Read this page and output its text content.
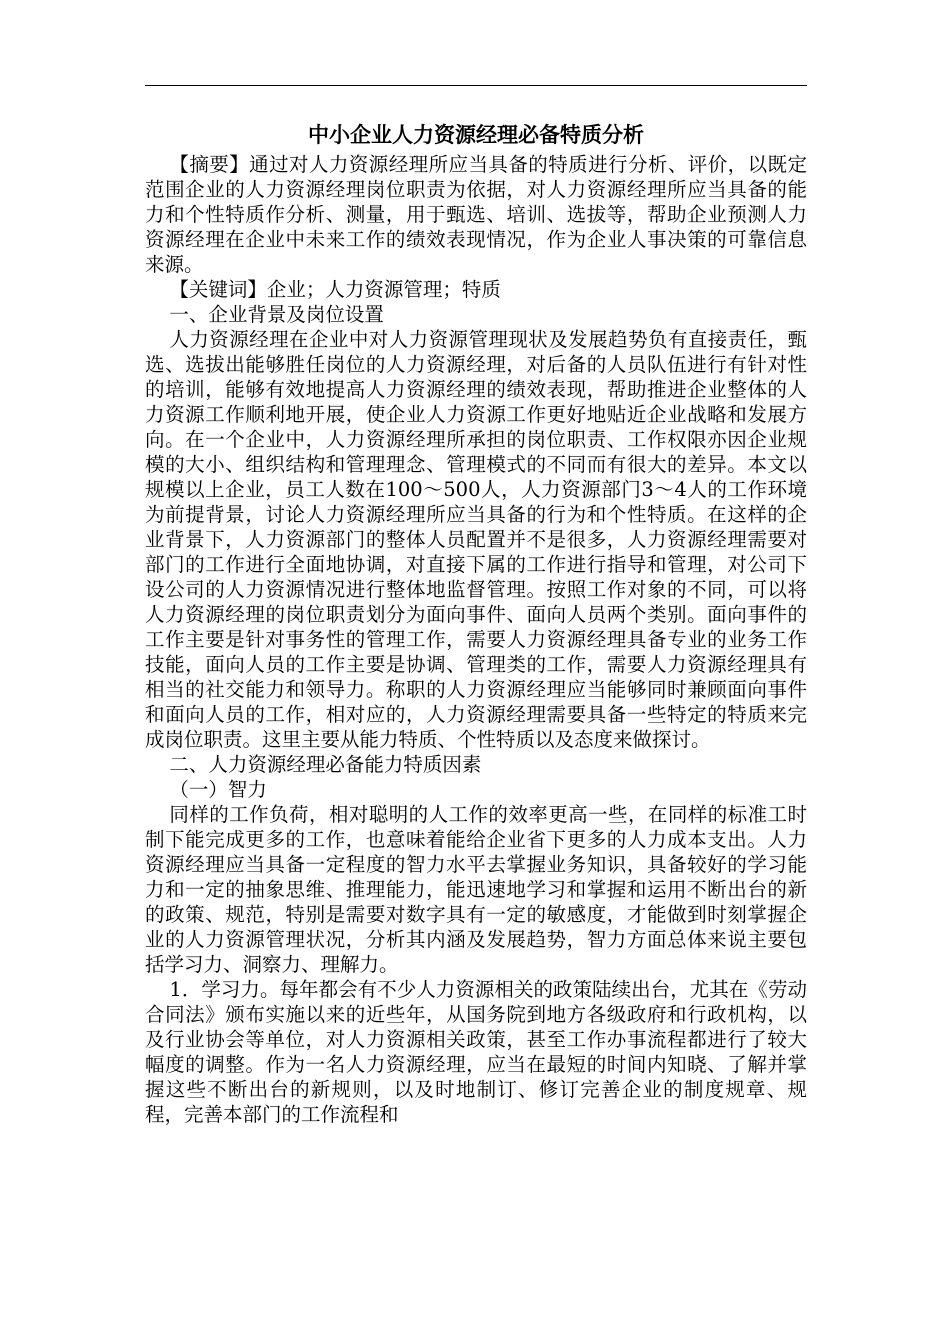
中小企业人力资源经理必备特质分析

【摘要】通过对人力资源经理所应当具备的特质进行分析、评价，以既定范围企业的人力资源经理岗位职责为依据，对人力资源经理所应当具备的能力和个性特质作分析、测量，用于甄选、培训、选拔等，帮助企业预测人力资源经理在企业中未来工作的绩效表现情况，作为企业人事决策的可靠信息来源。

【关键词】企业；人力资源管理；特质

一、企业背景及岗位设置

人力资源经理在企业中对人力资源管理现状及发展趋势负有直接责任，甄选、选拔出能够胜任岗位的人力资源经理，对后备的人员队伍进行有针对性的培训，能够有效地提高人力资源经理的绩效表现，帮助推进企业整体的人力资源工作顺利地开展，使企业人力资源工作更好地贴近企业战略和发展方向。在一个企业中，人力资源经理所承担的岗位职责、工作权限亦因企业规模的大小、组织结构和管理理念、管理模式的不同而有很大的差异。本文以规模以上企业，员工人数在100～500人，人力资源部门3～4人的工作环境为前提背景，讨论人力资源经理所应当具备的行为和个性特质。在这样的企业背景下，人力资源部门的整体人员配置并不是很多，人力资源经理需要对部门的工作进行全面地协调，对直接下属的工作进行指导和管理，对公司下设公司的人力资源情况进行整体地监督管理。按照工作对象的不同，可以将人力资源经理的岗位职责划分为面向事件、面向人员两个类别。面向事件的工作主要是针对事务性的管理工作，需要人力资源经理具备专业的业务工作技能，面向人员的工作主要是协调、管理类的工作，需要人力资源经理具有相当的社交能力和领导力。称职的人力资源经理应当能够同时兼顾面向事件和面向人员的工作，相对应的，人力资源经理需要具备一些特定的特质来完成岗位职责。这里主要从能力特质、个性特质以及态度来做探讨。

二、人力资源经理必备能力特质因素

（一）智力

同样的工作负荷，相对聪明的人工作的效率更高一些，在同样的标准工时制下能完成更多的工作，也意味着能给企业省下更多的人力成本支出。人力资源经理应当具备一定程度的智力水平去掌握业务知识，具备较好的学习能力和一定的抽象思维、推理能力，能迅速地学习和掌握和运用不断出台的新的政策、规范，特别是需要对数字具有一定的敏感度，才能做到时刻掌握企业的人力资源管理状况，分析其内涵及发展趋势，智力方面总体来说主要包括学习力、洞察力、理解力。

1．学习力。每年都会有不少人力资源相关的政策陆续出台，尤其在《劳动合同法》颁布实施以来的近些年，从国务院到地方各级政府和行政机构，以及行业协会等单位，对人力资源相关政策，甚至工作办事流程都进行了较大幅度的调整。作为一名人力资源经理，应当在最短的时间内知晓、了解并掌握这些不断出台的新规则，以及时地制订、修订完善企业的制度规章、规程，完善本部门的工作流程和
